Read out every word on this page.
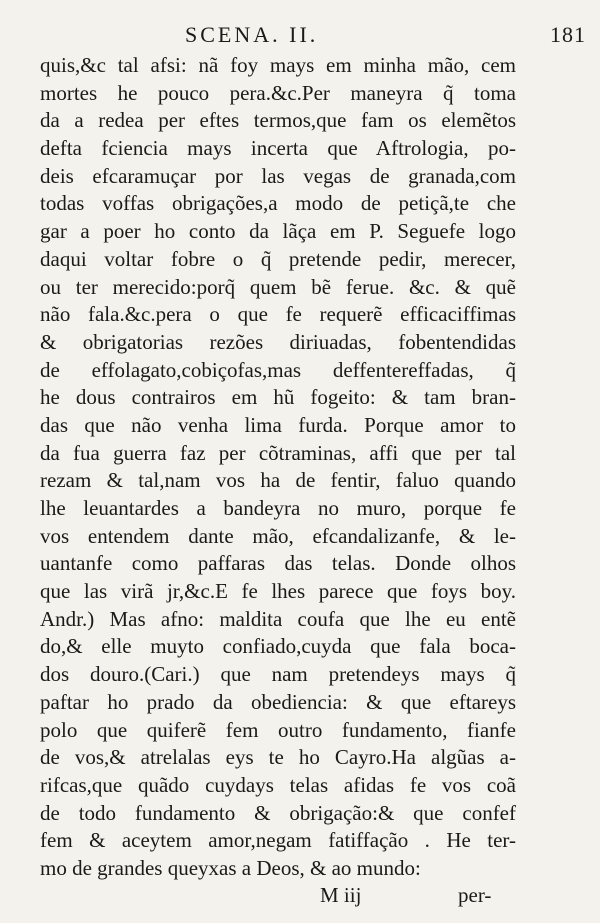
SCENA. II.	181
quis,&c tal afsi: nã foy mays em minha mão, cem
mortes he pouco pera.&c.Per maneyra q̃ toma
da a redea per eftes termos,que fam os elemẽtos
defta fciencia mays incerta que Aftrologia, po-
deis efcaramuçar por las vegas de granada,com
todas voffas obrigações,a modo de petiçã,te che
gar a poer ho conto da lãça em P. Seguefe logo
daqui voltar fobre o q̃ pretende pedir, merecer,
ou ter merecido:porq̃ quem bẽ ferue. &c. & quẽ
não fala.&c.pera o que fe requerẽ efficaciffimas
& obrigatorias rezões diriuadas, fobentendidas
de effolagato,cobiçofas,mas deffentereffadas, q̃
he dous contrairos em hũ fogeito: & tam bran-
das que não venha lima furda. Porque amor to
da fua guerra faz per cõtraminas, affi que per tal
rezam & tal,nam vos ha de fentir, faluo quando
lhe leuantardes a bandeyra no muro, porque fe
vos entendem dante mão, efcandalizanfe, & le-
uantanfe como paffaras das telas. Donde olhos
que las virã jr,&c.E fe lhes parece que foys boy.
Andr.) Mas afno: maldita coufa que lhe eu entẽ
do,& elle muyto confiado,cuyda que fala boca-
dos douro.(Cari.) que nam pretendeys mays q̃
paftar ho prado da obediencia: & que eftareys
polo que quiferẽ fem outro fundamento, fianfe
de vos,& atrelalas eys te ho Cayro.Ha algũas a-
rifcas,que quãdo cuydays telas afidas fe vos coã
de todo fundamento & obrigação:& que confef
fem & aceytem amor,negam fatiffação . He ter-
mo de grandes queyxas a Deos, & ao mundo:
M iij	per-
